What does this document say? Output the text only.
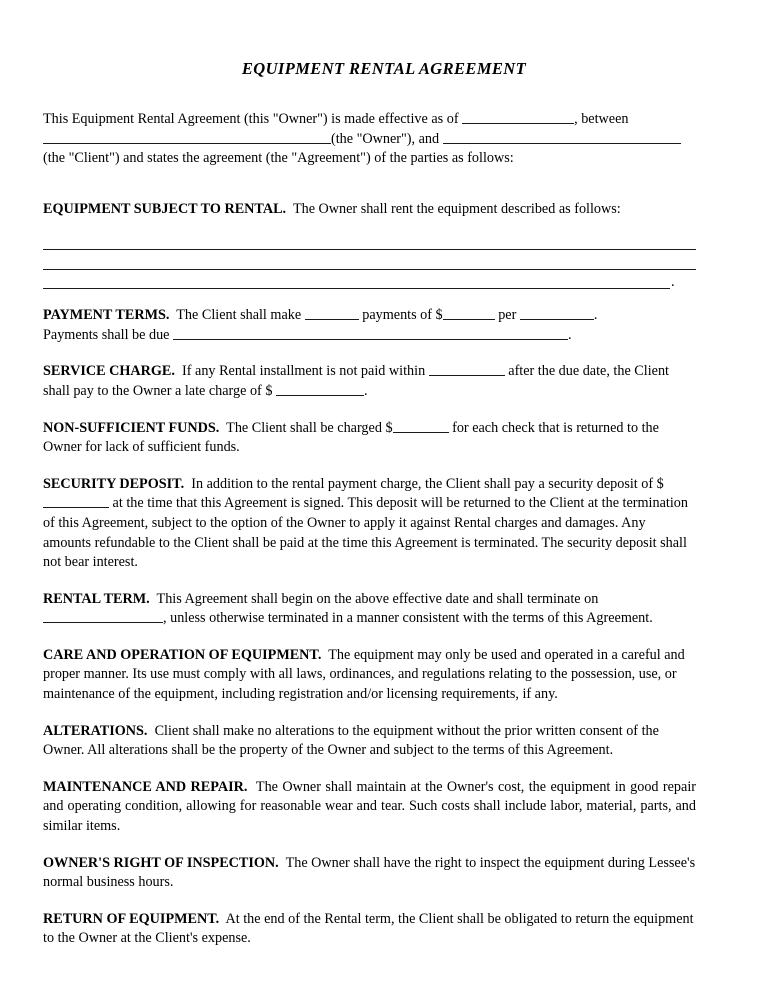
EQUIPMENT RENTAL AGREEMENT

This Equipment Rental Agreement (this "Owner") is made effective as of	, between
(the "Owner"), and
(the "Client") and states the agreement (the "Agreement") of the parties as follows:

EQUIPMENT SUBJECT TO RENTAL. The Owner shall rent the equipment described as follows:

.

PAYMENT TERMS. The Client shall make	payments of $	per	.
Payments shall be due	.

SERVICE CHARGE. If any Rental installment is not paid within	after the due date, the Client shall pay to the Owner a late charge of $	.

NON-SUFFICIENT FUNDS. The Client shall be charged $	for each check that is returned to the Owner for lack of sufficient funds.

SECURITY DEPOSIT. In addition to the rental payment charge, the Client shall pay a security deposit of $ at the time that this Agreement is signed. This deposit will be returned to the Client at the termination of this Agreement, subject to the option of the Owner to apply it against Rental charges and damages. Any amounts refundable to the Client shall be paid at the time this Agreement is terminated. The security deposit shall not bear interest.

RENTAL TERM. This Agreement shall begin on the above effective date and shall terminate on
, unless otherwise terminated in a manner consistent with the terms of this Agreement.

CARE AND OPERATION OF EQUIPMENT. The equipment may only be used and operated in a careful and proper manner. Its use must comply with all laws, ordinances, and regulations relating to the possession, use, or maintenance of the equipment, including registration and/or licensing requirements, if any.

ALTERATIONS. Client shall make no alterations to the equipment without the prior written consent of the Owner. All alterations shall be the property of the Owner and subject to the terms of this Agreement.

MAINTENANCE AND REPAIR. The Owner shall maintain at the Owner's cost, the equipment in good repair and operating condition, allowing for reasonable wear and tear. Such costs shall include labor, material, parts, and similar items.

OWNER'S RIGHT OF INSPECTION. The Owner shall have the right to inspect the equipment during Lessee's normal business hours.

RETURN OF EQUIPMENT. At the end of the Rental term, the Client shall be obligated to return the equipment to the Owner at the Client's expense.
